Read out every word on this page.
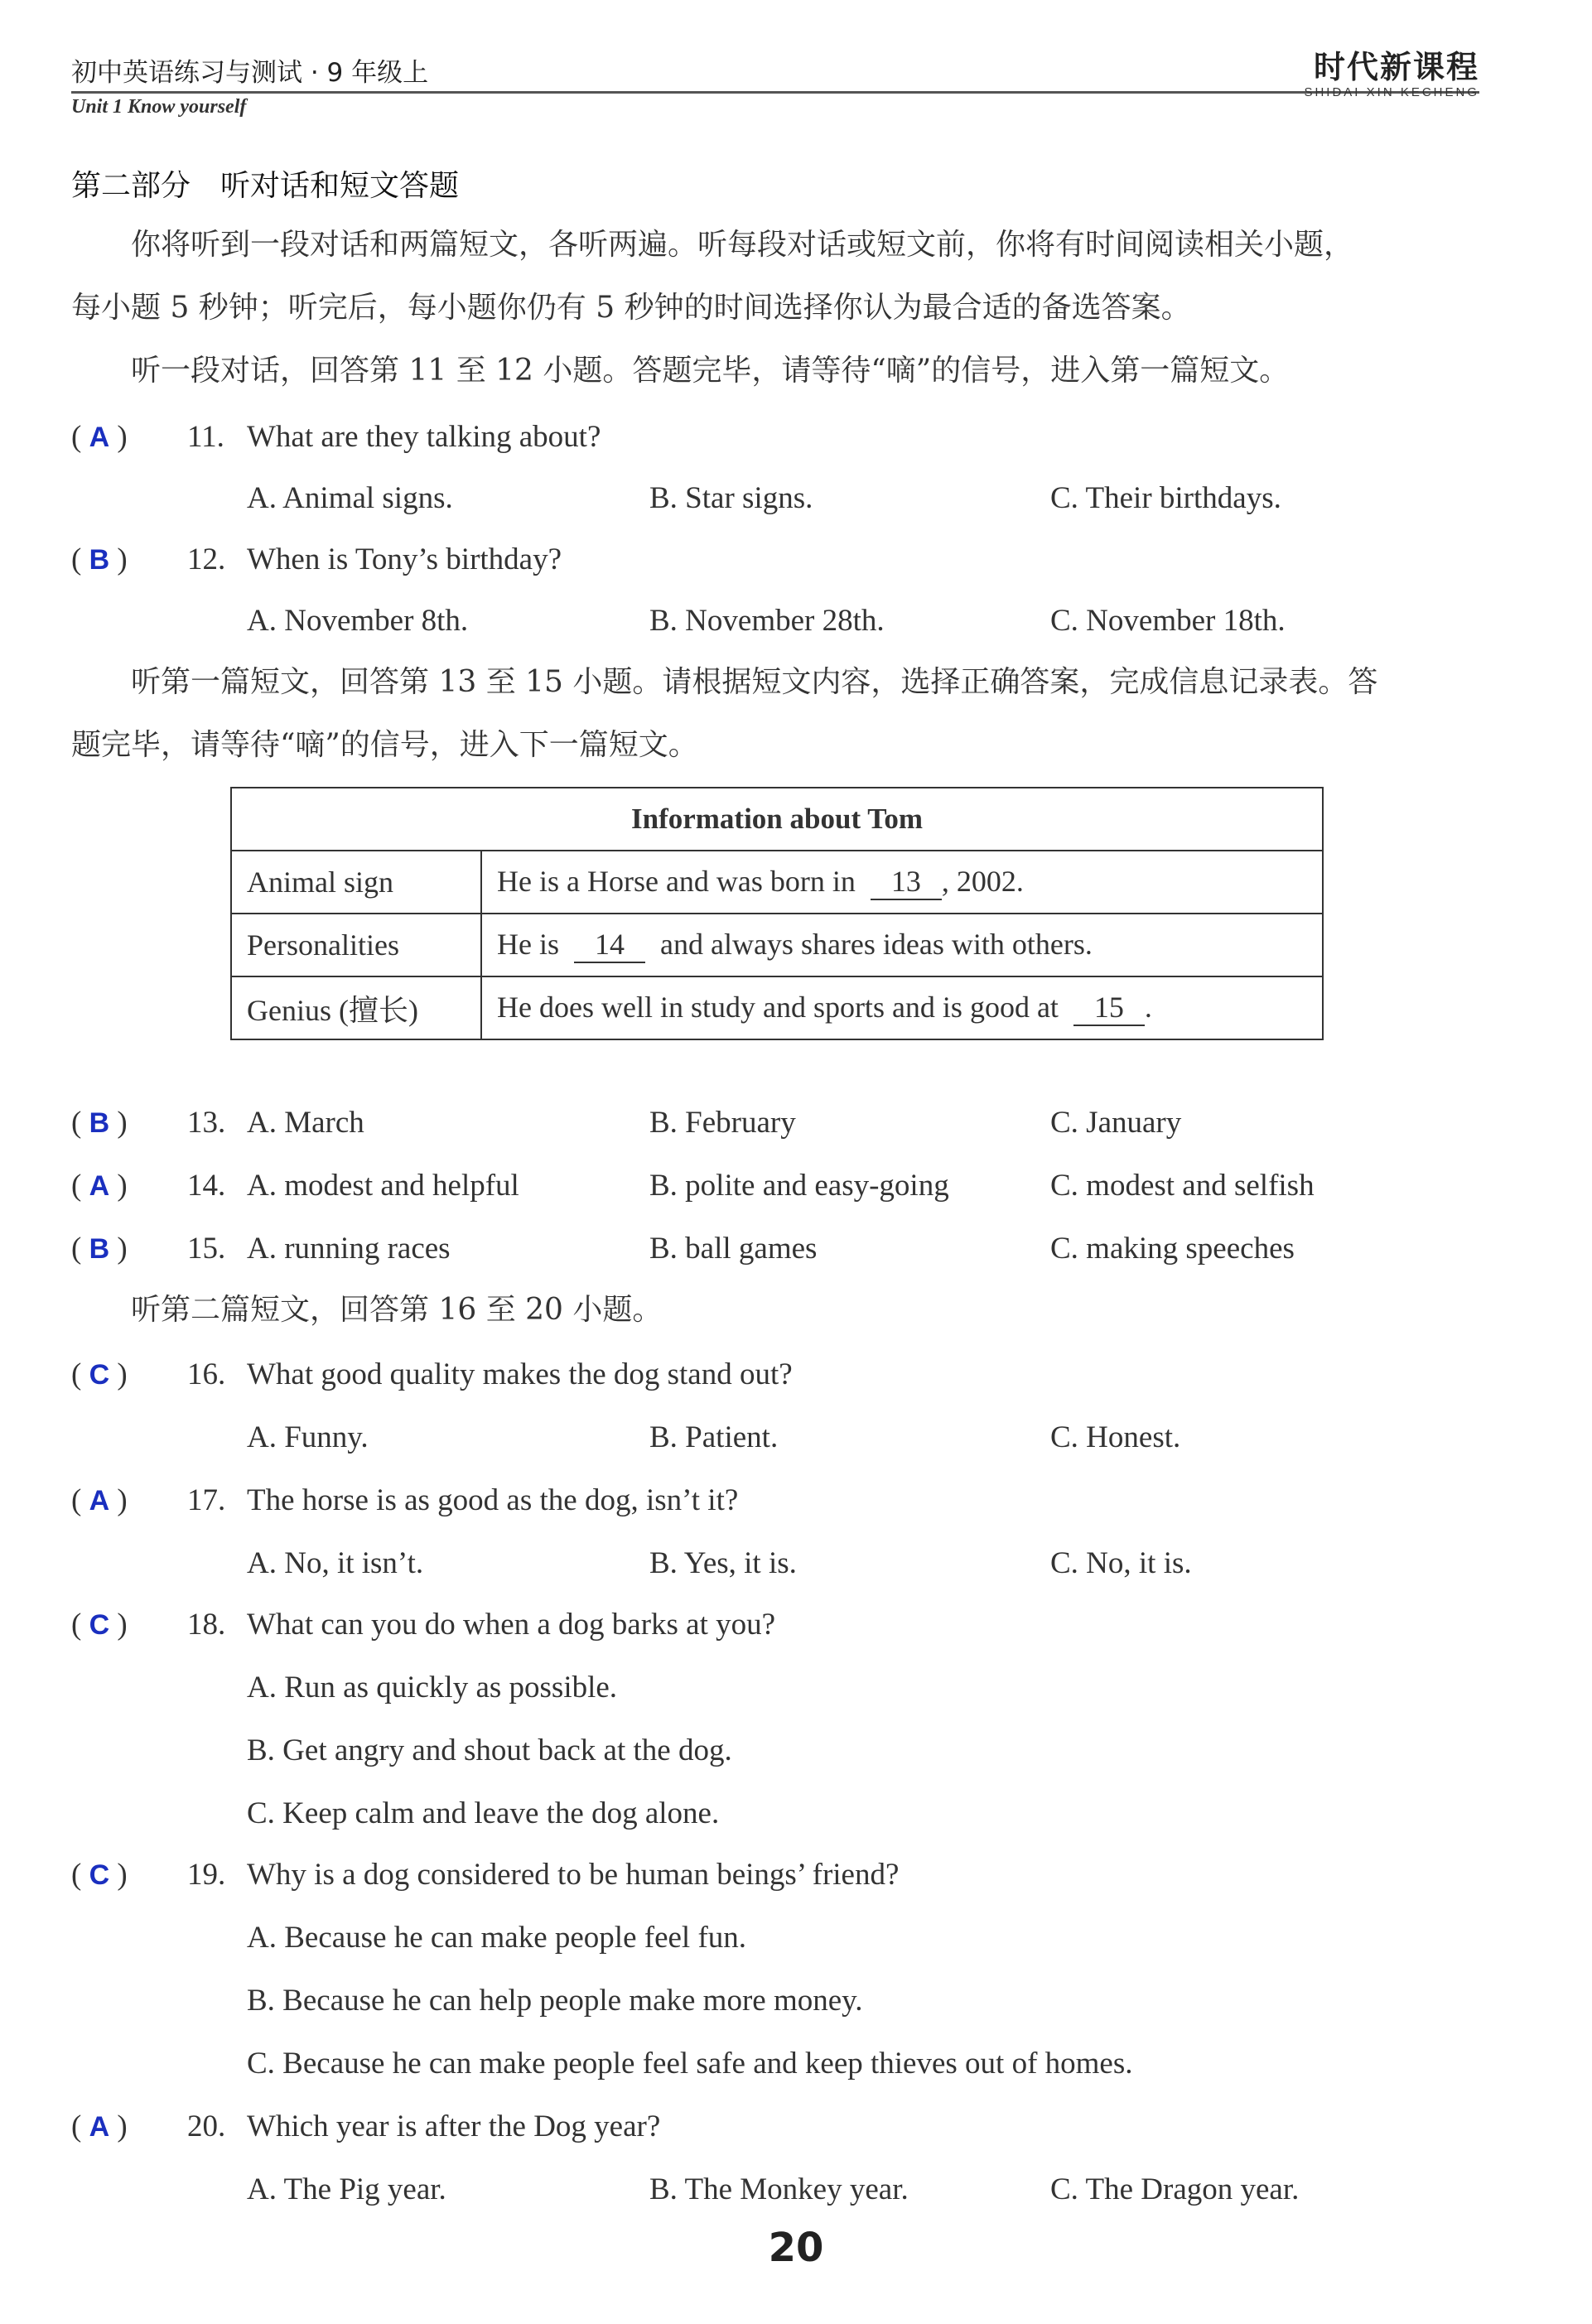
初中英语练习与测试 · 9 年级上
Unit 1 Know yourself
时代新课程
SHIDAI XIN KECHENG
第二部分　听对话和短文答题
你将听到一段对话和两篇短文，各听两遍。听每段对话或短文前，你将有时间阅读相关小题，
每小题 5 秒钟；听完后，每小题你仍有 5 秒钟的时间选择你认为最合适的备选答案。
听一段对话，回答第 11 至 12 小题。答题完毕，请等待“嘀”的信号，进入第一篇短文。
( A ) 11. What are they talking about?
A. Animal signs.	B. Star signs.	C. Their birthdays.
( B ) 12. When is Tony’s birthday?
A. November 8th.	B. November 28th.	C. November 18th.
听第一篇短文，回答第 13 至 15 小题。请根据短文内容，选择正确答案，完成信息记录表。答
题完毕，请等待“嘀”的信号，进入下一篇短文。
Information about Tom	
Animal sign	He is a Horse and was born in 13 , 2002.
Personalities	He is 14 and always shares ideas with others.
Genius (擅长)	He does well in study and sports and is good at 15 .
( B ) 13. A. March	B. February	C. January
( A ) 14. A. modest and helpful	B. polite and easy-going	C. modest and selfish
( B ) 15. A. running races	B. ball games	C. making speeches
听第二篇短文，回答第 16 至 20 小题。
( C ) 16. What good quality makes the dog stand out?
A. Funny.	B. Patient.	C. Honest.
( A ) 17. The horse is as good as the dog, isn’t it?
A. No, it isn’t.	B. Yes, it is.	C. No, it is.
( C ) 18. What can you do when a dog barks at you?
A. Run as quickly as possible.
B. Get angry and shout back at the dog.
C. Keep calm and leave the dog alone.
( C ) 19. Why is a dog considered to be human beings’ friend?
A. Because he can make people feel fun.
B. Because he can help people make more money.
C. Because he can make people feel safe and keep thieves out of homes.
( A ) 20. Which year is after the Dog year?
A. The Pig year.	B. The Monkey year.	C. The Dragon year.
20
